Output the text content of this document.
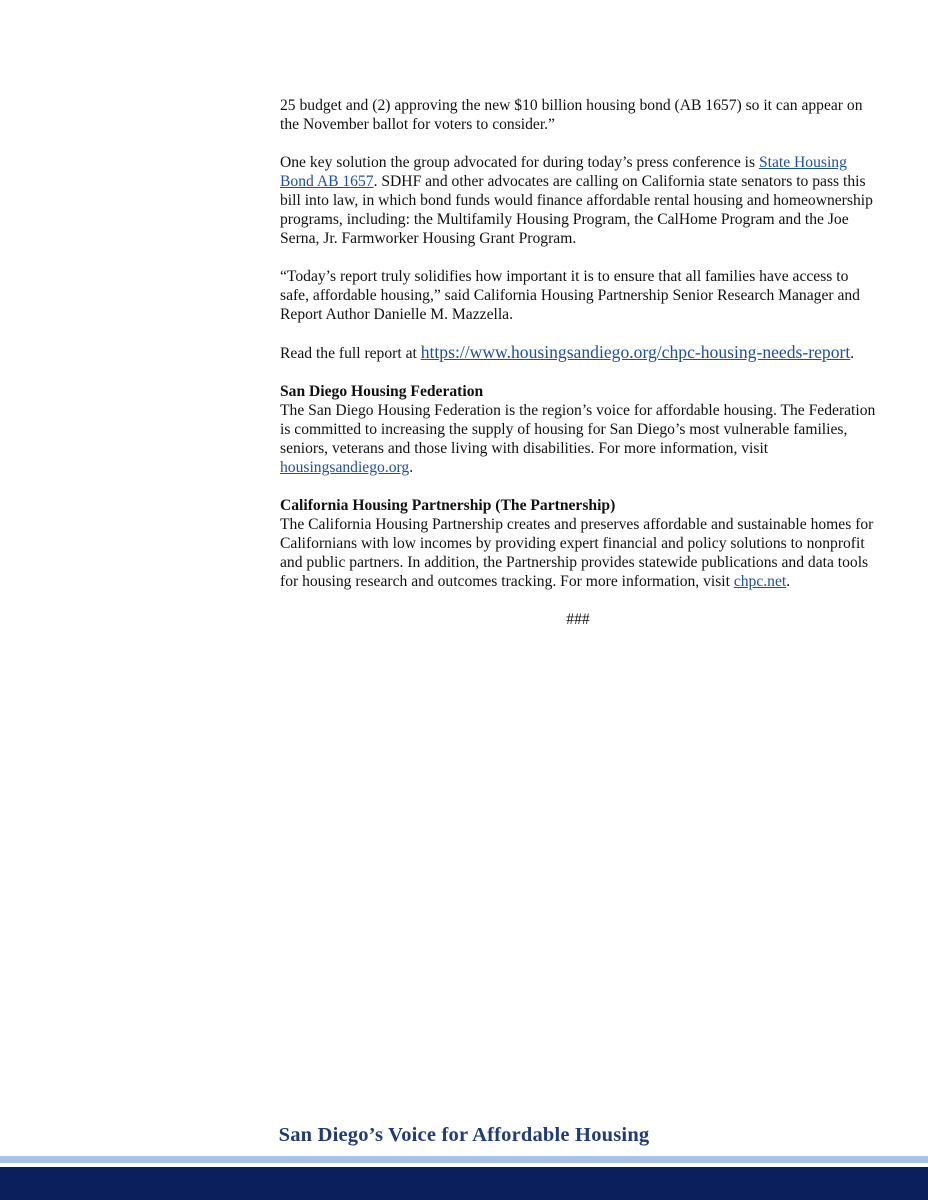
25 budget and (2) approving the new $10 billion housing bond (AB 1657) so it can appear on the November ballot for voters to consider.”

One key solution the group advocated for during today’s press conference is State Housing Bond AB 1657. SDHF and other advocates are calling on California state senators to pass this bill into law, in which bond funds would finance affordable rental housing and homeownership programs, including: the Multifamily Housing Program, the CalHome Program and the Joe Serna, Jr. Farmworker Housing Grant Program.

“Today’s report truly solidifies how important it is to ensure that all families have access to safe, affordable housing,” said California Housing Partnership Senior Research Manager and Report Author Danielle M. Mazzella.

Read the full report at https://www.housingsandiego.org/chpc-housing-needs-report.

San Diego Housing Federation
The San Diego Housing Federation is the region’s voice for affordable housing. The Federation is committed to increasing the supply of housing for San Diego’s most vulnerable families, seniors, veterans and those living with disabilities. For more information, visit housingsandiego.org.

California Housing Partnership (The Partnership)
The California Housing Partnership creates and preserves affordable and sustainable homes for Californians with low incomes by providing expert financial and policy solutions to nonprofit and public partners. In addition, the Partnership provides statewide publications and data tools for housing research and outcomes tracking. For more information, visit chpc.net.

###

San Diego’s Voice for Affordable Housing
